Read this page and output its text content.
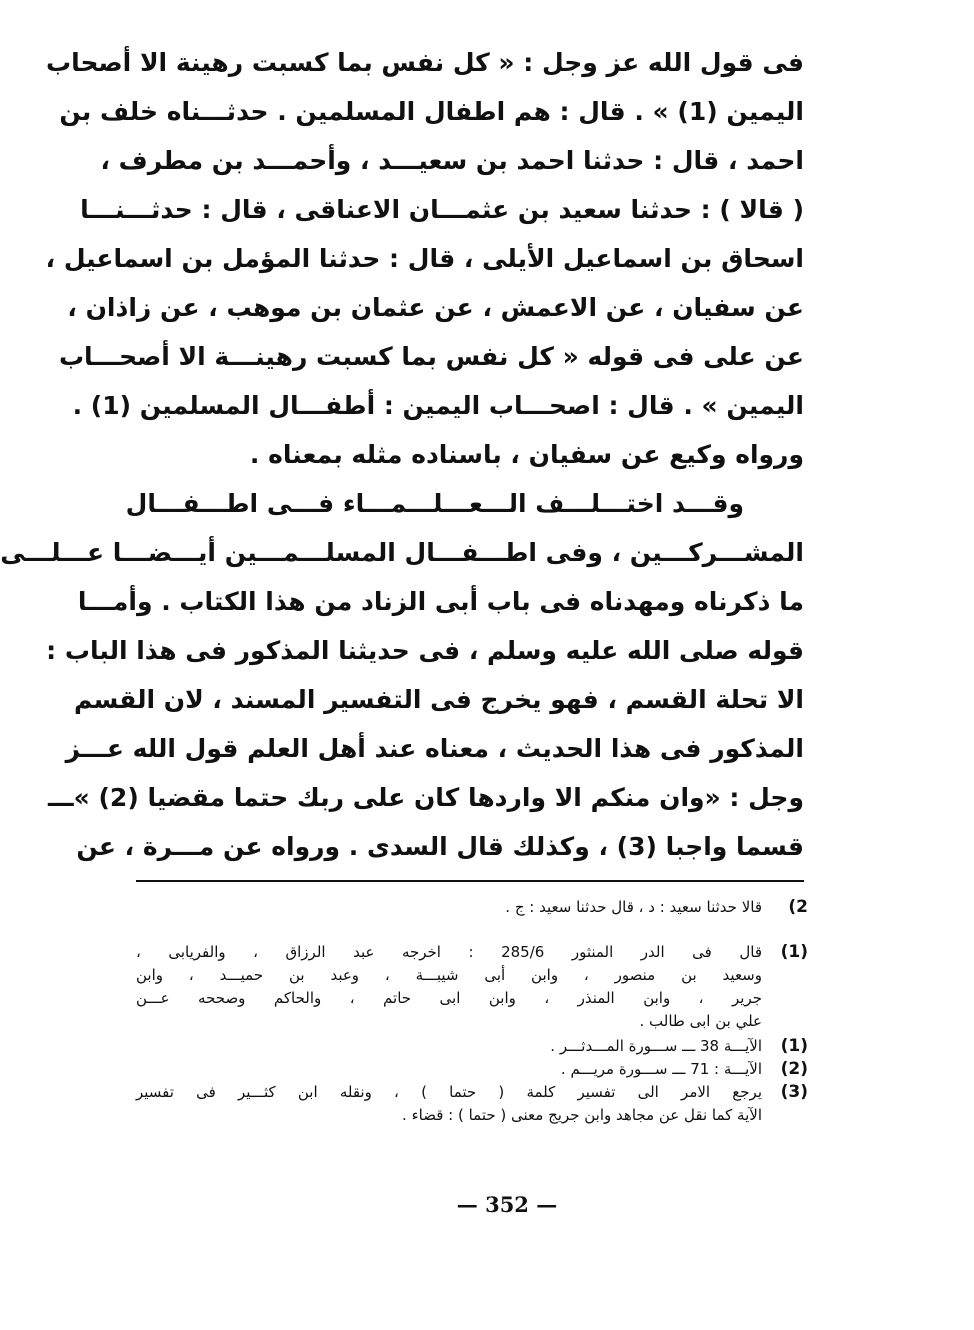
فى قول الله عز وجل : « كل نفس بما كسبت رهينة الا أصحاب
اليمين (1) » . قال : هم اطفال المسلمين . حدثـــناه خلف بن
احمد ، قال : حدثنا احمد بن سعيـــد ، وأحمـــد بن مطرف ،
( قالا ) : حدثنا سعيد بن عثمـــان الاعناقى ، قال : حدثـــنـــا
اسحاق بن اسماعيل الأيلى ، قال : حدثنا المؤمل بن اسماعيل ،
عن سفيان ، عن الاعمش ، عن عثمان بن موهب ، عن زاذان ،
عن على فى قوله « كل نفس بما كسبت رهينـــة الا أصحـــاب
اليمين » . قال : اصحـــاب اليمين : أطفـــال المسلمين (1) .
ورواه وكيع عن سفيان ، باسناده مثله بمعناه .
وقـــد اختـــلـــف الـــعـــلـــمـــاء فـــى اطـــفـــال
المشـــركـــين ، وفى اطـــفـــال المسلـــمـــين أيـــضـــا عـــلـــى
ما ذكرناه ومهدناه فى باب أبى الزناد من هذا الكتاب . وأمـــا
قوله صلى الله عليه وسلم ، فى حديثنا المذكور فى هذا الباب :
الا تحلة القسم ، فهو يخرج فى التفسير المسند ، لان القسم
المذكور فى هذا الحديث ، معناه عند أهل العلم قول الله عـــز
وجل : «وان منكم الا واردها كان على ربك حتما مقضيا (2) »ـــ
قسما واجبا (3) ، وكذلك قال السدى . ورواه عن مـــرة ، عن
2)
قالا حدثنا سعيد : د ، قال حدثنا سعيد : ج .
(1)
قال فى الدر المنثور 285/6 : اخرجه عبد الرزاق ، والفريابى ،
وسعيد بن منصور ، وابن أبى شيبـــة ، وعبد بن حميـــد ، وابن
جرير ، وابن المنذر ، وابن ابى حاتم ، والحاكم وصححه عـــن
علي بن ابى طالب .
(1)
الآيـــة 38 ـــ ســـورة المـــدثـــر .
(2)
الآيـــة : 71 ـــ ســـورة مريـــم .
(3)
يرجع الامر الى تفسير كلمة ( حتما ) ، ونقله ابن كثـــير فى تفسير
الآية كما نقل عن مجاهد وابن جريج معنى ( حتما ) : قضاء .
— 352 —
